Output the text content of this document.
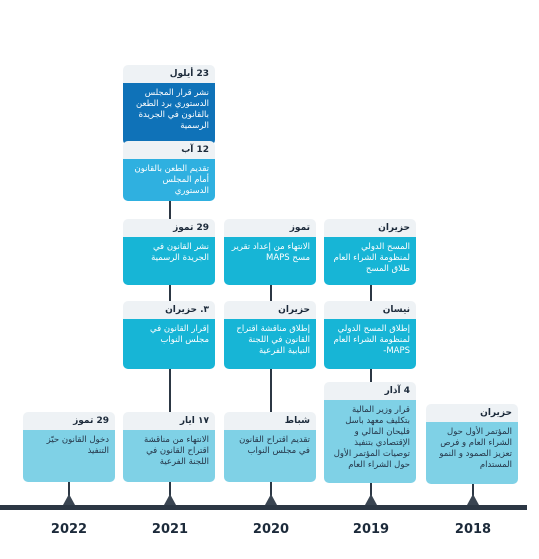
23 أيلول
نشر قرار المجلس الدستوري برد الطعن بالقانون في الجريدة الرسمية
12 آب
تقديم الطعن بالقانون أمام المجلس الدستوري
29 تموز
نشر القانون في الجريدة الرسمية
٣. حزيران
إقرار القانون في مجلس النواب
١٧ ايار
الانتهاء من مناقشة اقتراح القانون في اللجنة الفرعية
29 تموز
دخول القانون حيّز التنفيذ
تموز
الانتهاء من إعداد تقرير مسح MAPS
حزيران
إطلاق مناقشة اقتراح القانون في اللجنة النيابية الفرعية
شباط
تقديم اقتراح القانون في مجلس النواب
حزيران
المسح الدولي لمنظومة الشراء العام طلاق المسح
نيسان
إطلاق المسح الدولي لمنظومة الشراء العام MAPS-
4 آذار
قرار وزير المالية بتكليف معهد باسل فليحان المالي و الإقتصادي بتنفيذ توصيات المؤتمر الأول حول الشراء العام
حزيران
المؤتمر الأول حول الشراء العام و فرص تعزيز الصمود و النمو المستدام
2022	2021	2020	2019	2018
